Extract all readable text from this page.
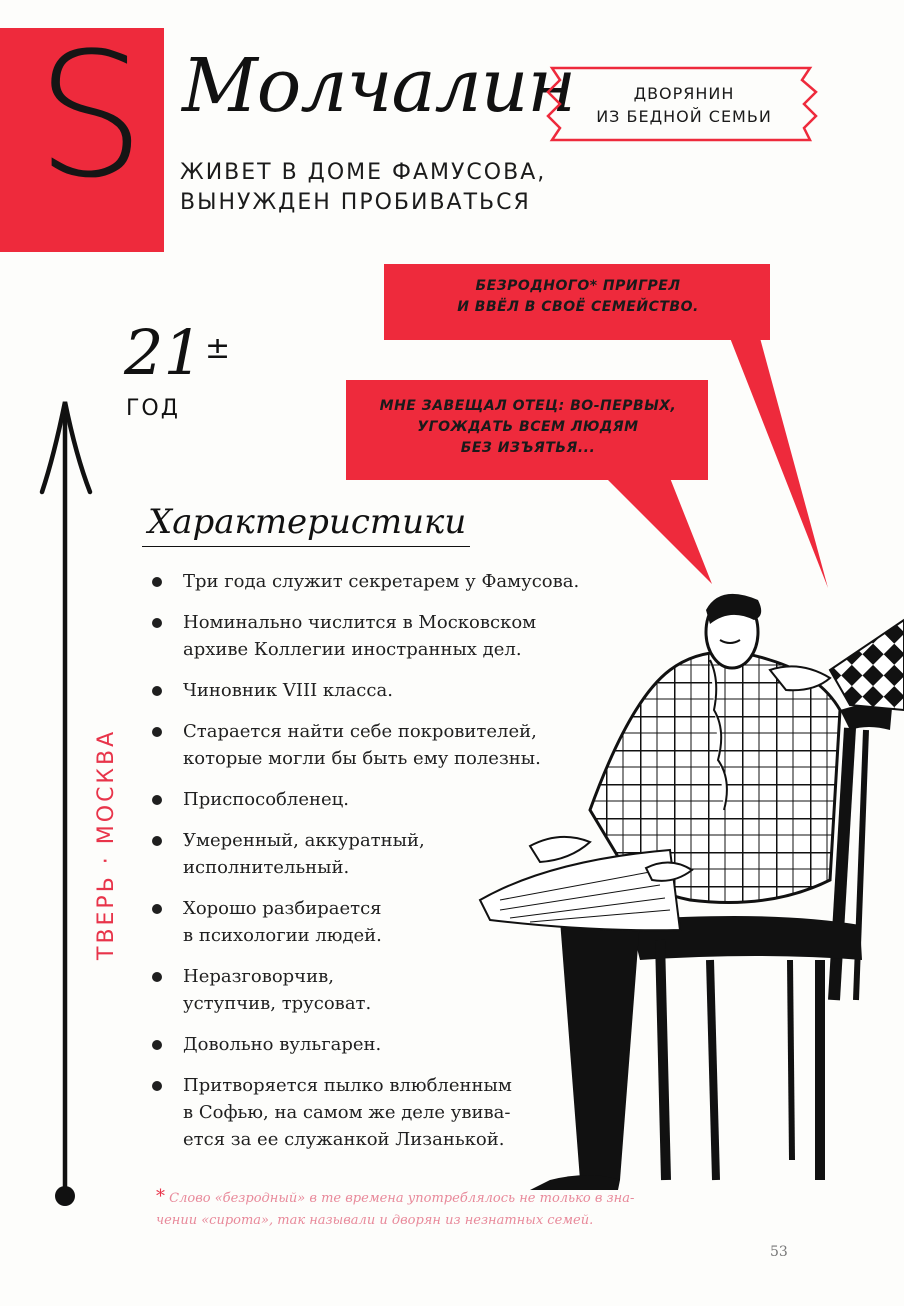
S Молчалин
ЖИВЕТ В ДОМЕ ФАМУСОВА, ВЫНУЖДЕН ПРОБИВАТЬСЯ
ДВОРЯНИН
ИЗ БЕДНОЙ СЕМЬИ
21 ±
ГОД
ТВЕРЬ · МОСКВА
БЕЗРОДНОГО* ПРИГРЕЛ
И ВВЁЛ В СВОЁ СЕМЕЙСТВО.
МНЕ ЗАВЕЩАЛ ОТЕЦ: ВО-ПЕРВЫХ,
УГОЖДАТЬ ВСЕМ ЛЮДЯМ
БЕЗ ИЗЪЯТЬЯ...
Характеристики
Три года служит секретарем у Фамусова.
Номинально числится в Московском
архиве Коллегии иностранных дел.
Чиновник VIII класса.
Старается найти себе покровителей,
которые могли бы быть ему полезны.
Приспособленец.
Умеренный, аккуратный,
исполнительный.
Хорошо разбирается
в психологии людей.
Неразговорчив,
уступчив, трусоват.
Довольно вульгарен.
Притворяется пылко влюбленным
в Софью, на самом же деле увива-
ется за ее служанкой Лизанькой.
* Слово «безродный» в те времена употреблялось не только в зна-
чении «сирота», так называли и дворян из незнатных семей.
53
